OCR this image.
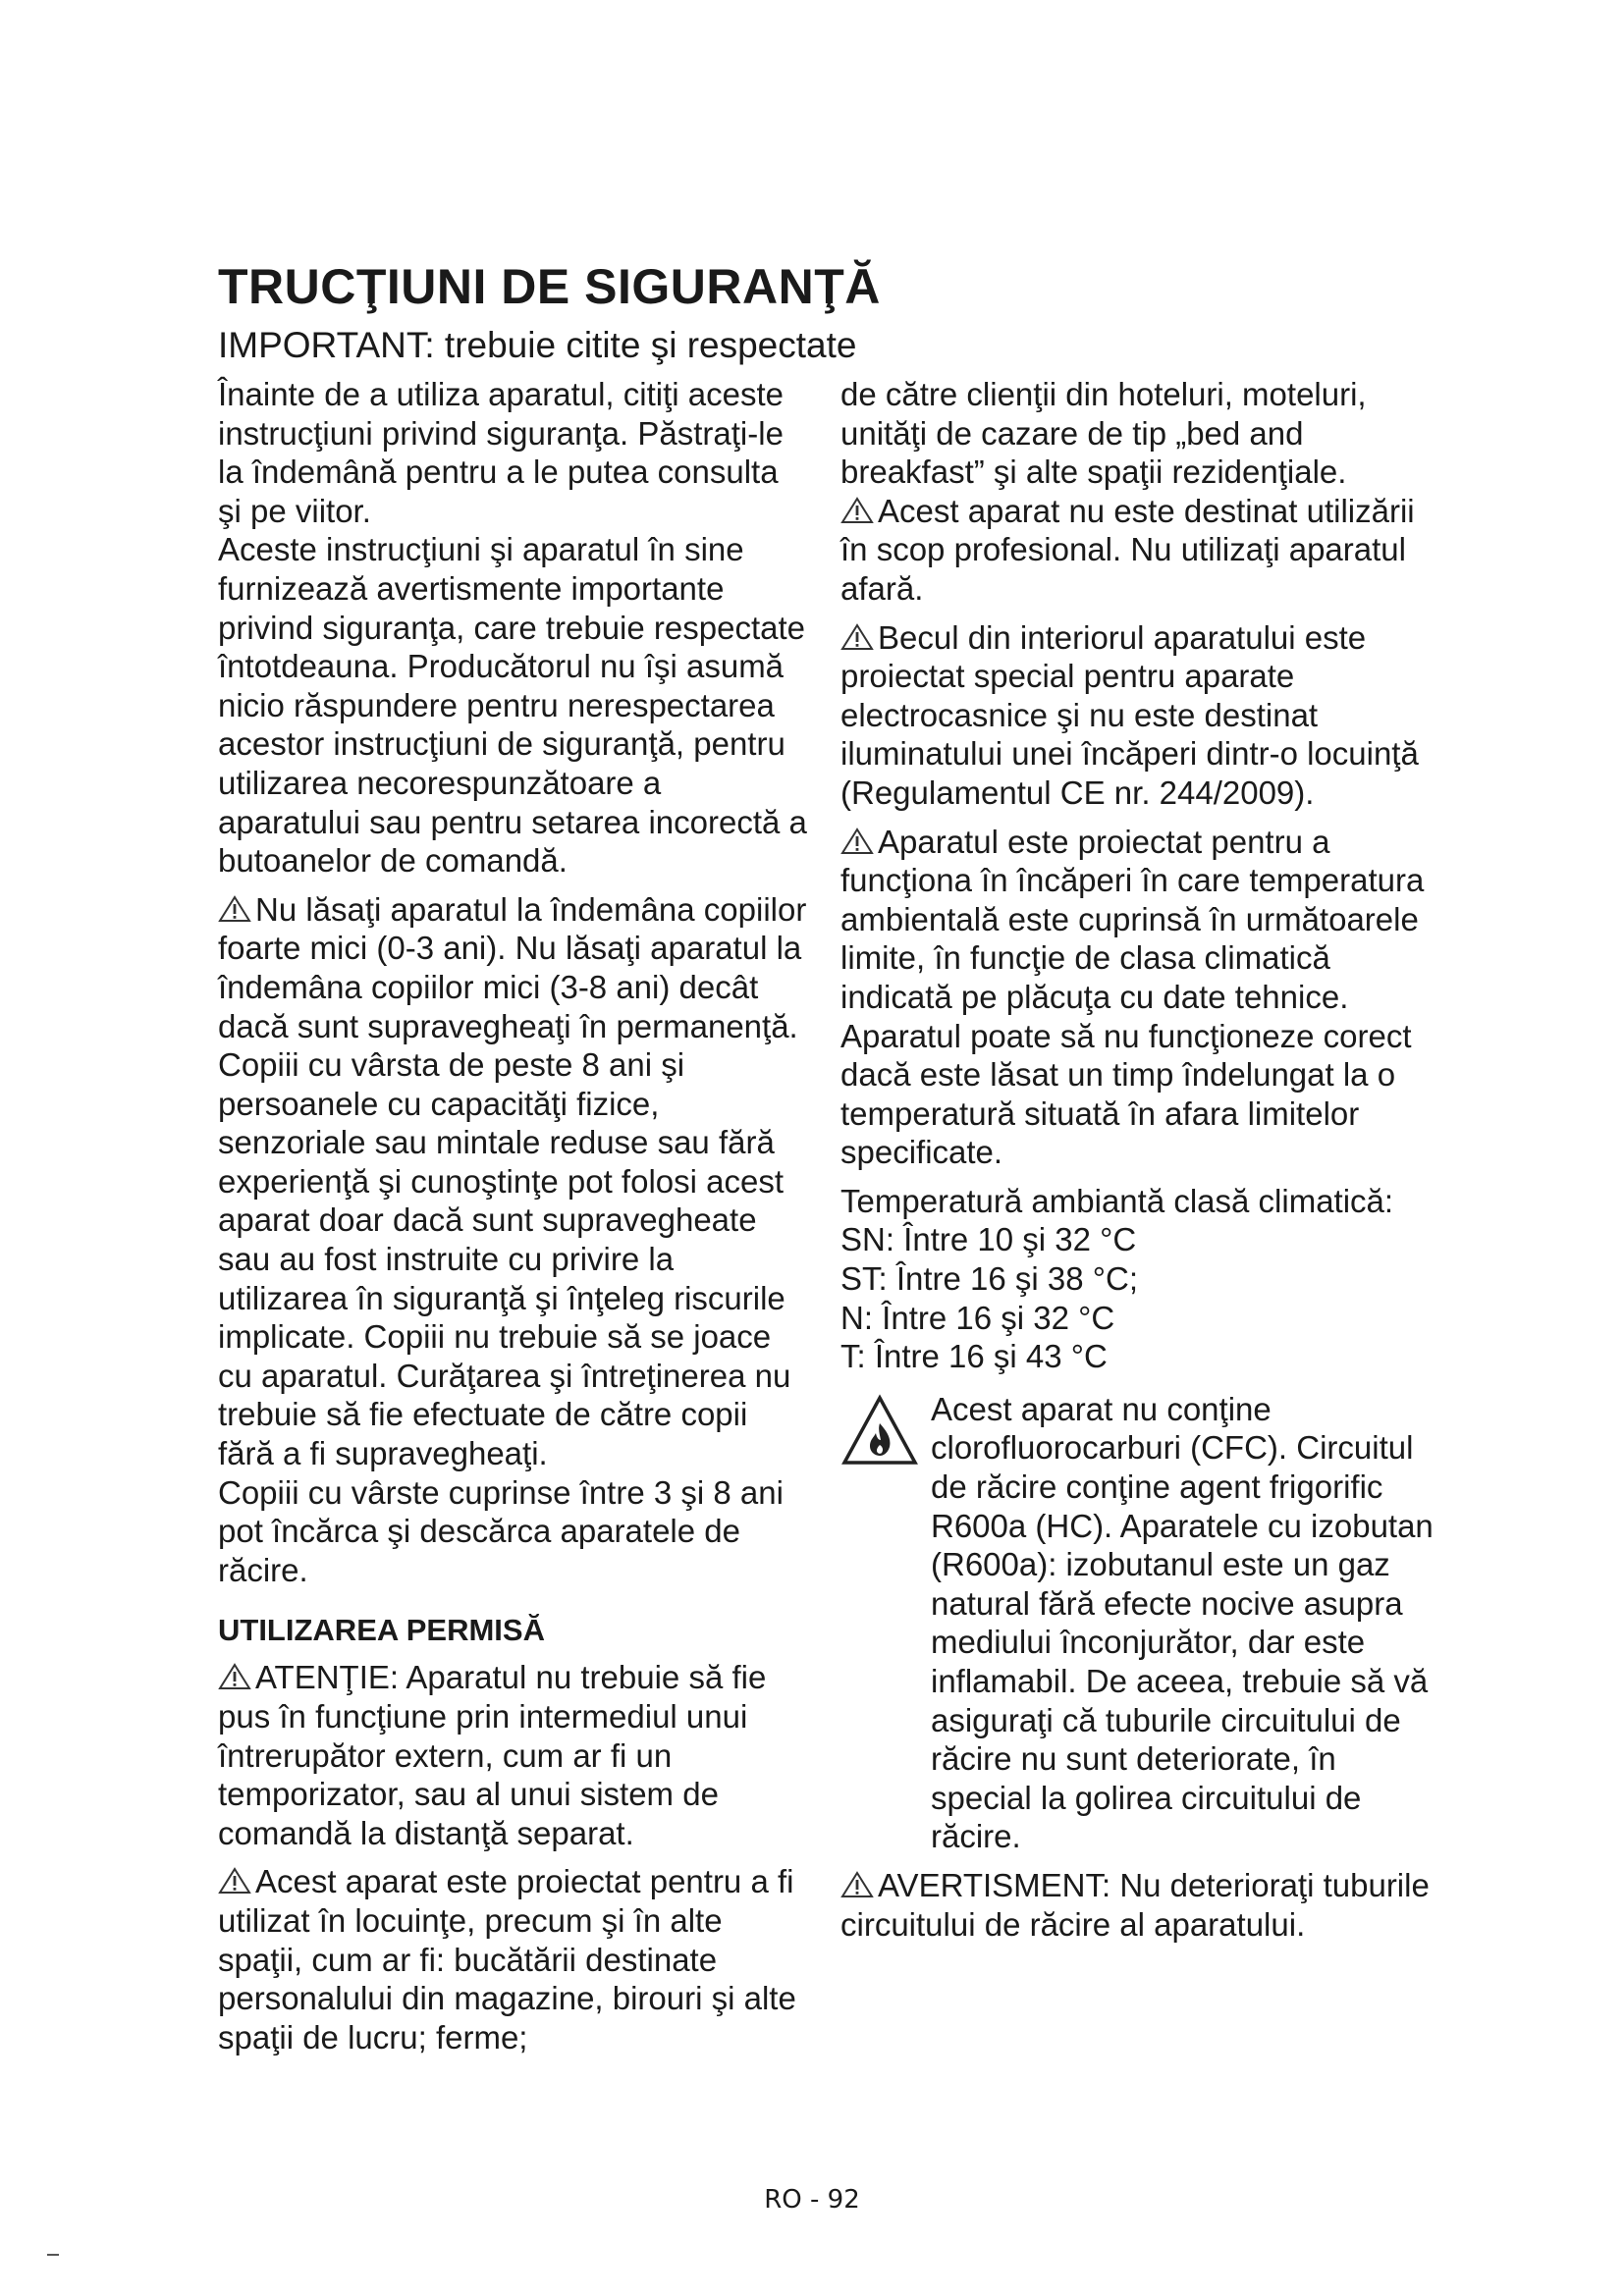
TRUCŢIUNI DE SIGURANŢĂ
IMPORTANT: trebuie citite şi respectate

Înainte de a utiliza aparatul, citiţi aceste instrucţiuni privind siguranţa. Păstraţi-le la îndemână pentru a le putea consulta şi pe viitor.

Aceste instrucţiuni şi aparatul în sine furnizează avertismente importante privind siguranţa, care trebuie respectate întotdeauna. Producătorul nu îşi asumă nicio răspundere pentru nerespectarea acestor instrucţiuni de siguranţă, pentru utilizarea necorespunzătoare a aparatului sau pentru setarea incorectă a butoanelor de comandă.

Nu lăsaţi aparatul la îndemâna copiilor foarte mici (0-3 ani). Nu lăsaţi aparatul la îndemâna copiilor mici (3-8 ani) decât dacă sunt supravegheaţi în permanenţă. Copiii cu vârsta de peste 8 ani şi persoanele cu capacităţi fizice, senzoriale sau mintale reduse sau fără experienţă şi cunoştinţe pot folosi acest aparat doar dacă sunt supravegheate sau au fost instruite cu privire la utilizarea în siguranţă şi înţeleg riscurile implicate. Copiii nu trebuie să se joace cu aparatul. Curăţarea şi întreţinerea nu trebuie să fie efectuate de către copii fără a fi supravegheaţi.

Copiii cu vârste cuprinse între 3 şi 8 ani pot încărca şi descărca aparatele de răcire.

UTILIZAREA PERMISĂ

ATENŢIE: Aparatul nu trebuie să fie pus în funcţiune prin intermediul unui întrerupător extern, cum ar fi un temporizator, sau al unui sistem de comandă la distanţă separat.

Acest aparat este proiectat pentru a fi utilizat în locuinţe, precum şi în alte spaţii, cum ar fi: bucătării destinate personalului din magazine, birouri şi alte spaţii de lucru; ferme;

de către clienţii din hoteluri, moteluri, unităţi de cazare de tip „bed and breakfast” şi alte spaţii rezidenţiale.

Acest aparat nu este destinat utilizării în scop profesional. Nu utilizaţi aparatul afară.

Becul din interiorul aparatului este proiectat special pentru aparate electrocasnice şi nu este destinat iluminatului unei încăperi dintr-o locuinţă (Regulamentul CE nr. 244/2009).

Aparatul este proiectat pentru a funcţiona în încăperi în care temperatura ambientală este cuprinsă în următoarele limite, în funcţie de clasa climatică indicată pe plăcuţa cu date tehnice.

Aparatul poate să nu funcţioneze corect dacă este lăsat un timp îndelungat la o temperatură situată în afara limitelor specificate.

Temperatură ambiantă clasă climatică:

SN: Între 10 şi 32 °C

ST: Între 16 şi 38 °C;

N: Între 16 şi 32 °C

T: Între 16 şi 43 °C

Acest aparat nu conţine clorofluorocarburi (CFC). Circuitul de răcire conţine agent frigorific R600a (HC). Aparatele cu izobutan (R600a): izobutanul este un gaz natural fără efecte nocive asupra mediului înconjurător, dar este inflamabil. De aceea, trebuie să vă asiguraţi că tuburile circuitului de răcire nu sunt deteriorate, în special la golirea circuitului de răcire.

AVERTISMENT: Nu deterioraţi tuburile circuitului de răcire al aparatului.

RO - 92
